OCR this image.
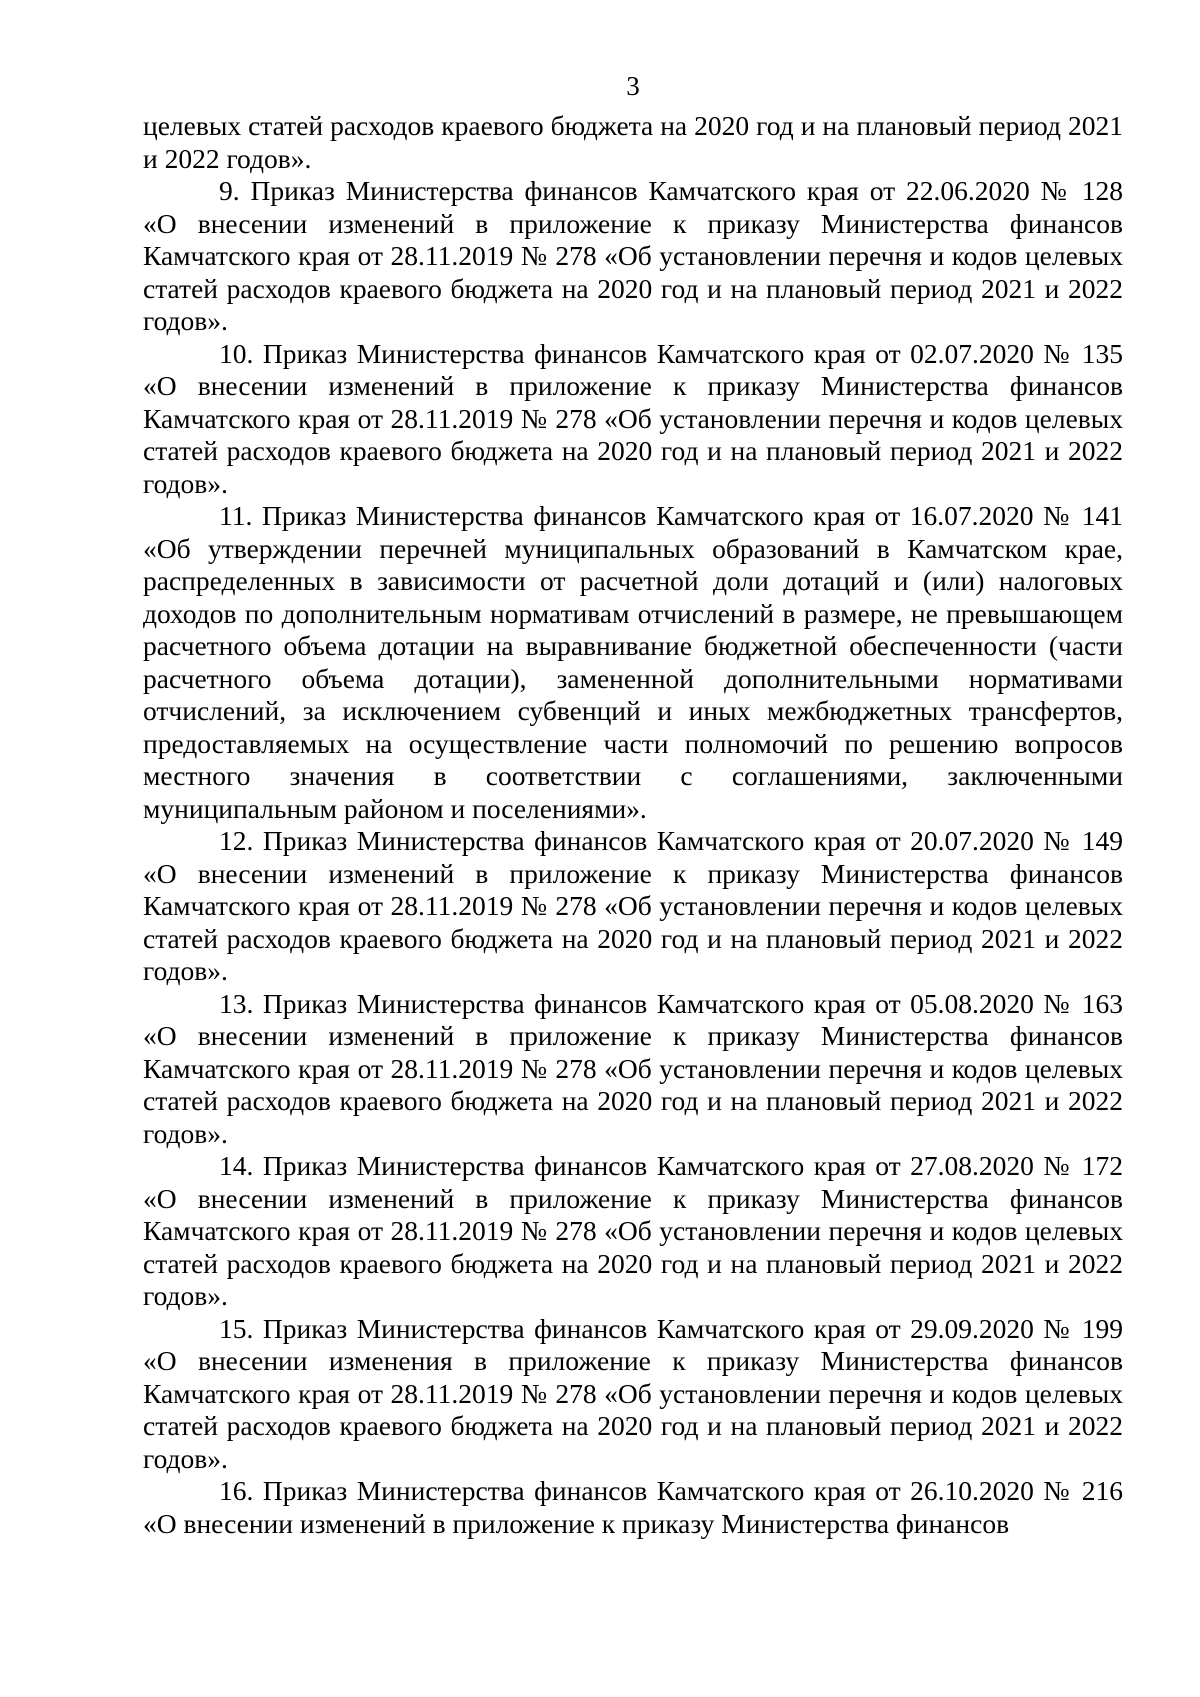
3

целевых статей расходов краевого бюджета на 2020 год и на плановый период 2021 и 2022 годов».

9. Приказ Министерства финансов Камчатского края от 22.06.2020 № 128 «О внесении изменений в приложение к приказу Министерства финансов Камчатского края от 28.11.2019 № 278 «Об установлении перечня и кодов целевых статей расходов краевого бюджета на 2020 год и на плановый период 2021 и 2022 годов».

10. Приказ Министерства финансов Камчатского края от 02.07.2020 № 135 «О внесении изменений в приложение к приказу Министерства финансов Камчатского края от 28.11.2019 № 278 «Об установлении перечня и кодов целевых статей расходов краевого бюджета на 2020 год и на плановый период 2021 и 2022 годов».

11. Приказ Министерства финансов Камчатского края от 16.07.2020 № 141 «Об утверждении перечней муниципальных образований в Камчатском крае, распределенных в зависимости от расчетной доли дотаций и (или) налоговых доходов по дополнительным нормативам отчислений в размере, не превышающем расчетного объема дотации на выравнивание бюджетной обеспеченности (части расчетного объема дотации), замененной дополнительными нормативами отчислений, за исключением субвенций и иных межбюджетных трансфертов, предоставляемых на осуществление части полномочий по решению вопросов местного значения в соответствии с соглашениями, заключенными муниципальным районом и поселениями».

12. Приказ Министерства финансов Камчатского края от 20.07.2020 № 149 «О внесении изменений в приложение к приказу Министерства финансов Камчатского края от 28.11.2019 № 278 «Об установлении перечня и кодов целевых статей расходов краевого бюджета на 2020 год и на плановый период 2021 и 2022 годов».

13. Приказ Министерства финансов Камчатского края от 05.08.2020 № 163 «О внесении изменений в приложение к приказу Министерства финансов Камчатского края от 28.11.2019 № 278 «Об установлении перечня и кодов целевых статей расходов краевого бюджета на 2020 год и на плановый период 2021 и 2022 годов».

14. Приказ Министерства финансов Камчатского края от 27.08.2020 № 172 «О внесении изменений в приложение к приказу Министерства финансов Камчатского края от 28.11.2019 № 278 «Об установлении перечня и кодов целевых статей расходов краевого бюджета на 2020 год и на плановый период 2021 и 2022 годов».

15. Приказ Министерства финансов Камчатского края от 29.09.2020 № 199 «О внесении изменения в приложение к приказу Министерства финансов Камчатского края от 28.11.2019 № 278 «Об установлении перечня и кодов целевых статей расходов краевого бюджета на 2020 год и на плановый период 2021 и 2022 годов».

16. Приказ Министерства финансов Камчатского края от 26.10.2020 № 216 «О внесении изменений в приложение к приказу Министерства финансов
